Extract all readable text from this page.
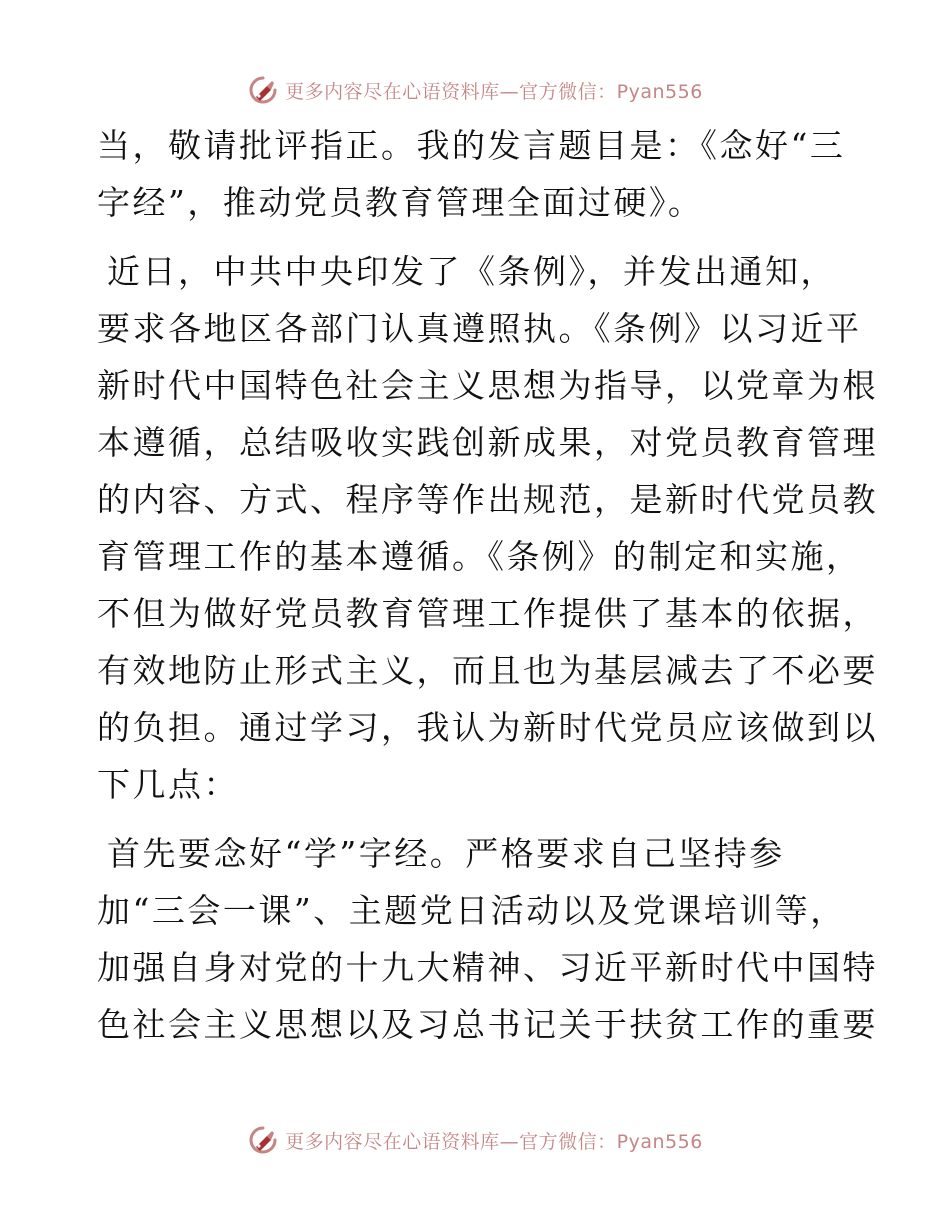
更多内容尽在心语资料库—官方微信：Pyan556
当，敬请批评指正。我的发言题目是：《念好“三
字经”，推动党员教育管理全面过硬》。
近日，中共中央印发了《条例》，并发出通知，
要求各地区各部门认真遵照执。《条例》以习近平
新时代中国特色社会主义思想为指导，以党章为根
本遵循，总结吸收实践创新成果，对党员教育管理
的内容、方式、程序等作出规范，是新时代党员教
育管理工作的基本遵循。《条例》的制定和实施，
不但为做好党员教育管理工作提供了基本的依据，
有效地防止形式主义，而且也为基层减去了不必要
的负担。通过学习，我认为新时代党员应该做到以
下几点：
首先要念好“学”字经。严格要求自己坚持参
加“三会一课”、主题党日活动以及党课培训等，
加强自身对党的十九大精神、习近平新时代中国特
色社会主义思想以及习总书记关于扶贫工作的重要
更多内容尽在心语资料库—官方微信：Pyan556
